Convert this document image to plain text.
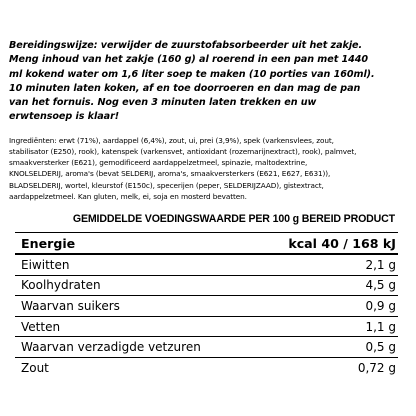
Bereidingswijze: verwijder de zuurstofabsorbeerder uit het zakje.
Meng inhoud van het zakje (160 g) al roerend in een pan met 1440
ml kokend water om 1,6 liter soep te maken (10 porties van 160ml).
10 minuten laten koken, af en toe doorroeren en dan mag de pan
van het fornuis. Nog even 3 minuten laten trekken en uw
erwtensoep is klaar!

Ingrediënten: erwt (71%), aardappel (6,4%), zout, ui, prei (3,9%), spek (varkensvlees, zout,
stabilisator (E250), rook), katenspek (varkensvet, antioxidant (rozemarijnextract), rook), palmvet,
smaakversterker (E621), gemodificeerd aardappelzetmeel, spinazie, maltodextrine,
KNOLSELDERIJ, aroma's (bevat SELDERIJ, aroma's, smaakversterkers (E621, E627, E631)),
BLADSELDERIJ, wortel, kleurstof (E150c), specerijen (peper, SELDERIJZAAD), gistextract,
aardappelzetmeel. Kan gluten, melk, ei, soja en mosterd bevatten.

GEMIDDELDE VOEDINGSWAARDE PER 100 g BEREID PRODUCT
Energie	kcal 40 / 168 kJ
Eiwitten	2,1 g
Koolhydraten	4,5 g
Waarvan suikers	0,9 g
Vetten	1,1 g
Waarvan verzadigde vetzuren	0,5 g
Zout	0,72 g
